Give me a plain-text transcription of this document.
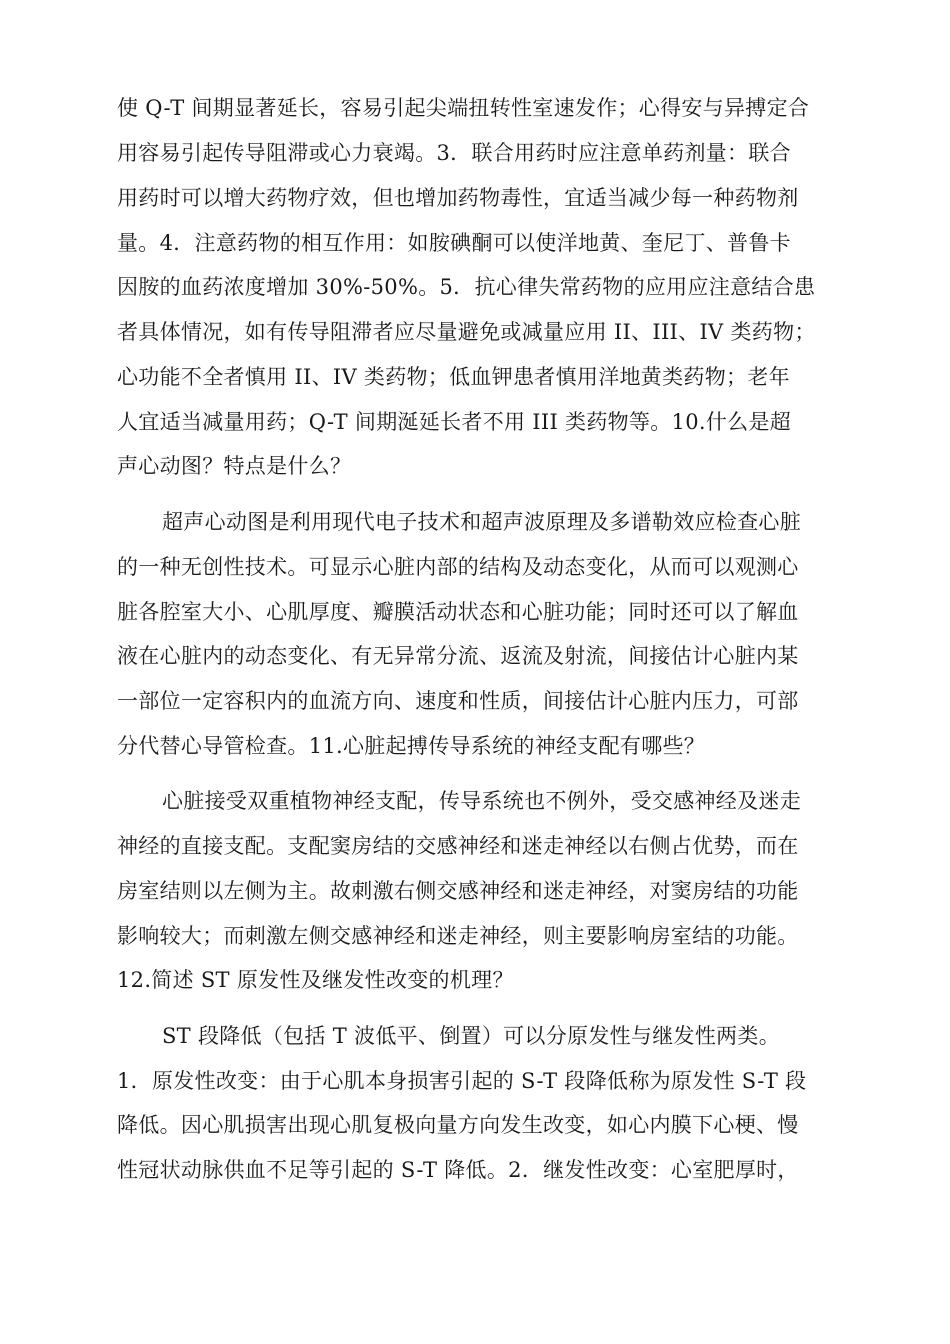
使 Q-T 间期显著延长，容易引起尖端扭转性室速发作；心得安与异搏定合
用容易引起传导阻滞或心力衰竭。3．联合用药时应注意单药剂量：联合
用药时可以增大药物疗效，但也增加药物毒性，宜适当减少每一种药物剂
量。4．注意药物的相互作用：如胺碘酮可以使洋地黄、奎尼丁、普鲁卡
因胺的血药浓度增加 30%-50%。5．抗心律失常药物的应用应注意结合患
者具体情况，如有传导阻滞者应尽量避免或减量应用 II、III、IV 类药物；
心功能不全者慎用 II、IV 类药物；低血钾患者慎用洋地黄类药物；老年
人宜适当减量用药；Q-T 间期涎延长者不用 III 类药物等。10.什么是超
声心动图？特点是什么？
超声心动图是利用现代电子技术和超声波原理及多谱勒效应检查心脏
的一种无创性技术。可显示心脏内部的结构及动态变化，从而可以观测心
脏各腔室大小、心肌厚度、瓣膜活动状态和心脏功能；同时还可以了解血
液在心脏内的动态变化、有无异常分流、返流及射流，间接估计心脏内某
一部位一定容积内的血流方向、速度和性质，间接估计心脏内压力，可部
分代替心导管检查。11.心脏起搏传导系统的神经支配有哪些？
心脏接受双重植物神经支配，传导系统也不例外，受交感神经及迷走
神经的直接支配。支配窦房结的交感神经和迷走神经以右侧占优势，而在
房室结则以左侧为主。故刺激右侧交感神经和迷走神经，对窦房结的功能
影响较大；而刺激左侧交感神经和迷走神经，则主要影响房室结的功能。
12.简述 ST 原发性及继发性改变的机理？
ST 段降低（包括 T 波低平、倒置）可以分原发性与继发性两类。
1．原发性改变：由于心肌本身损害引起的 S-T 段降低称为原发性 S-T 段
降低。因心肌损害出现心肌复极向量方向发生改变，如心内膜下心梗、慢
性冠状动脉供血不足等引起的 S-T 降低。2．继发性改变：心室肥厚时，
